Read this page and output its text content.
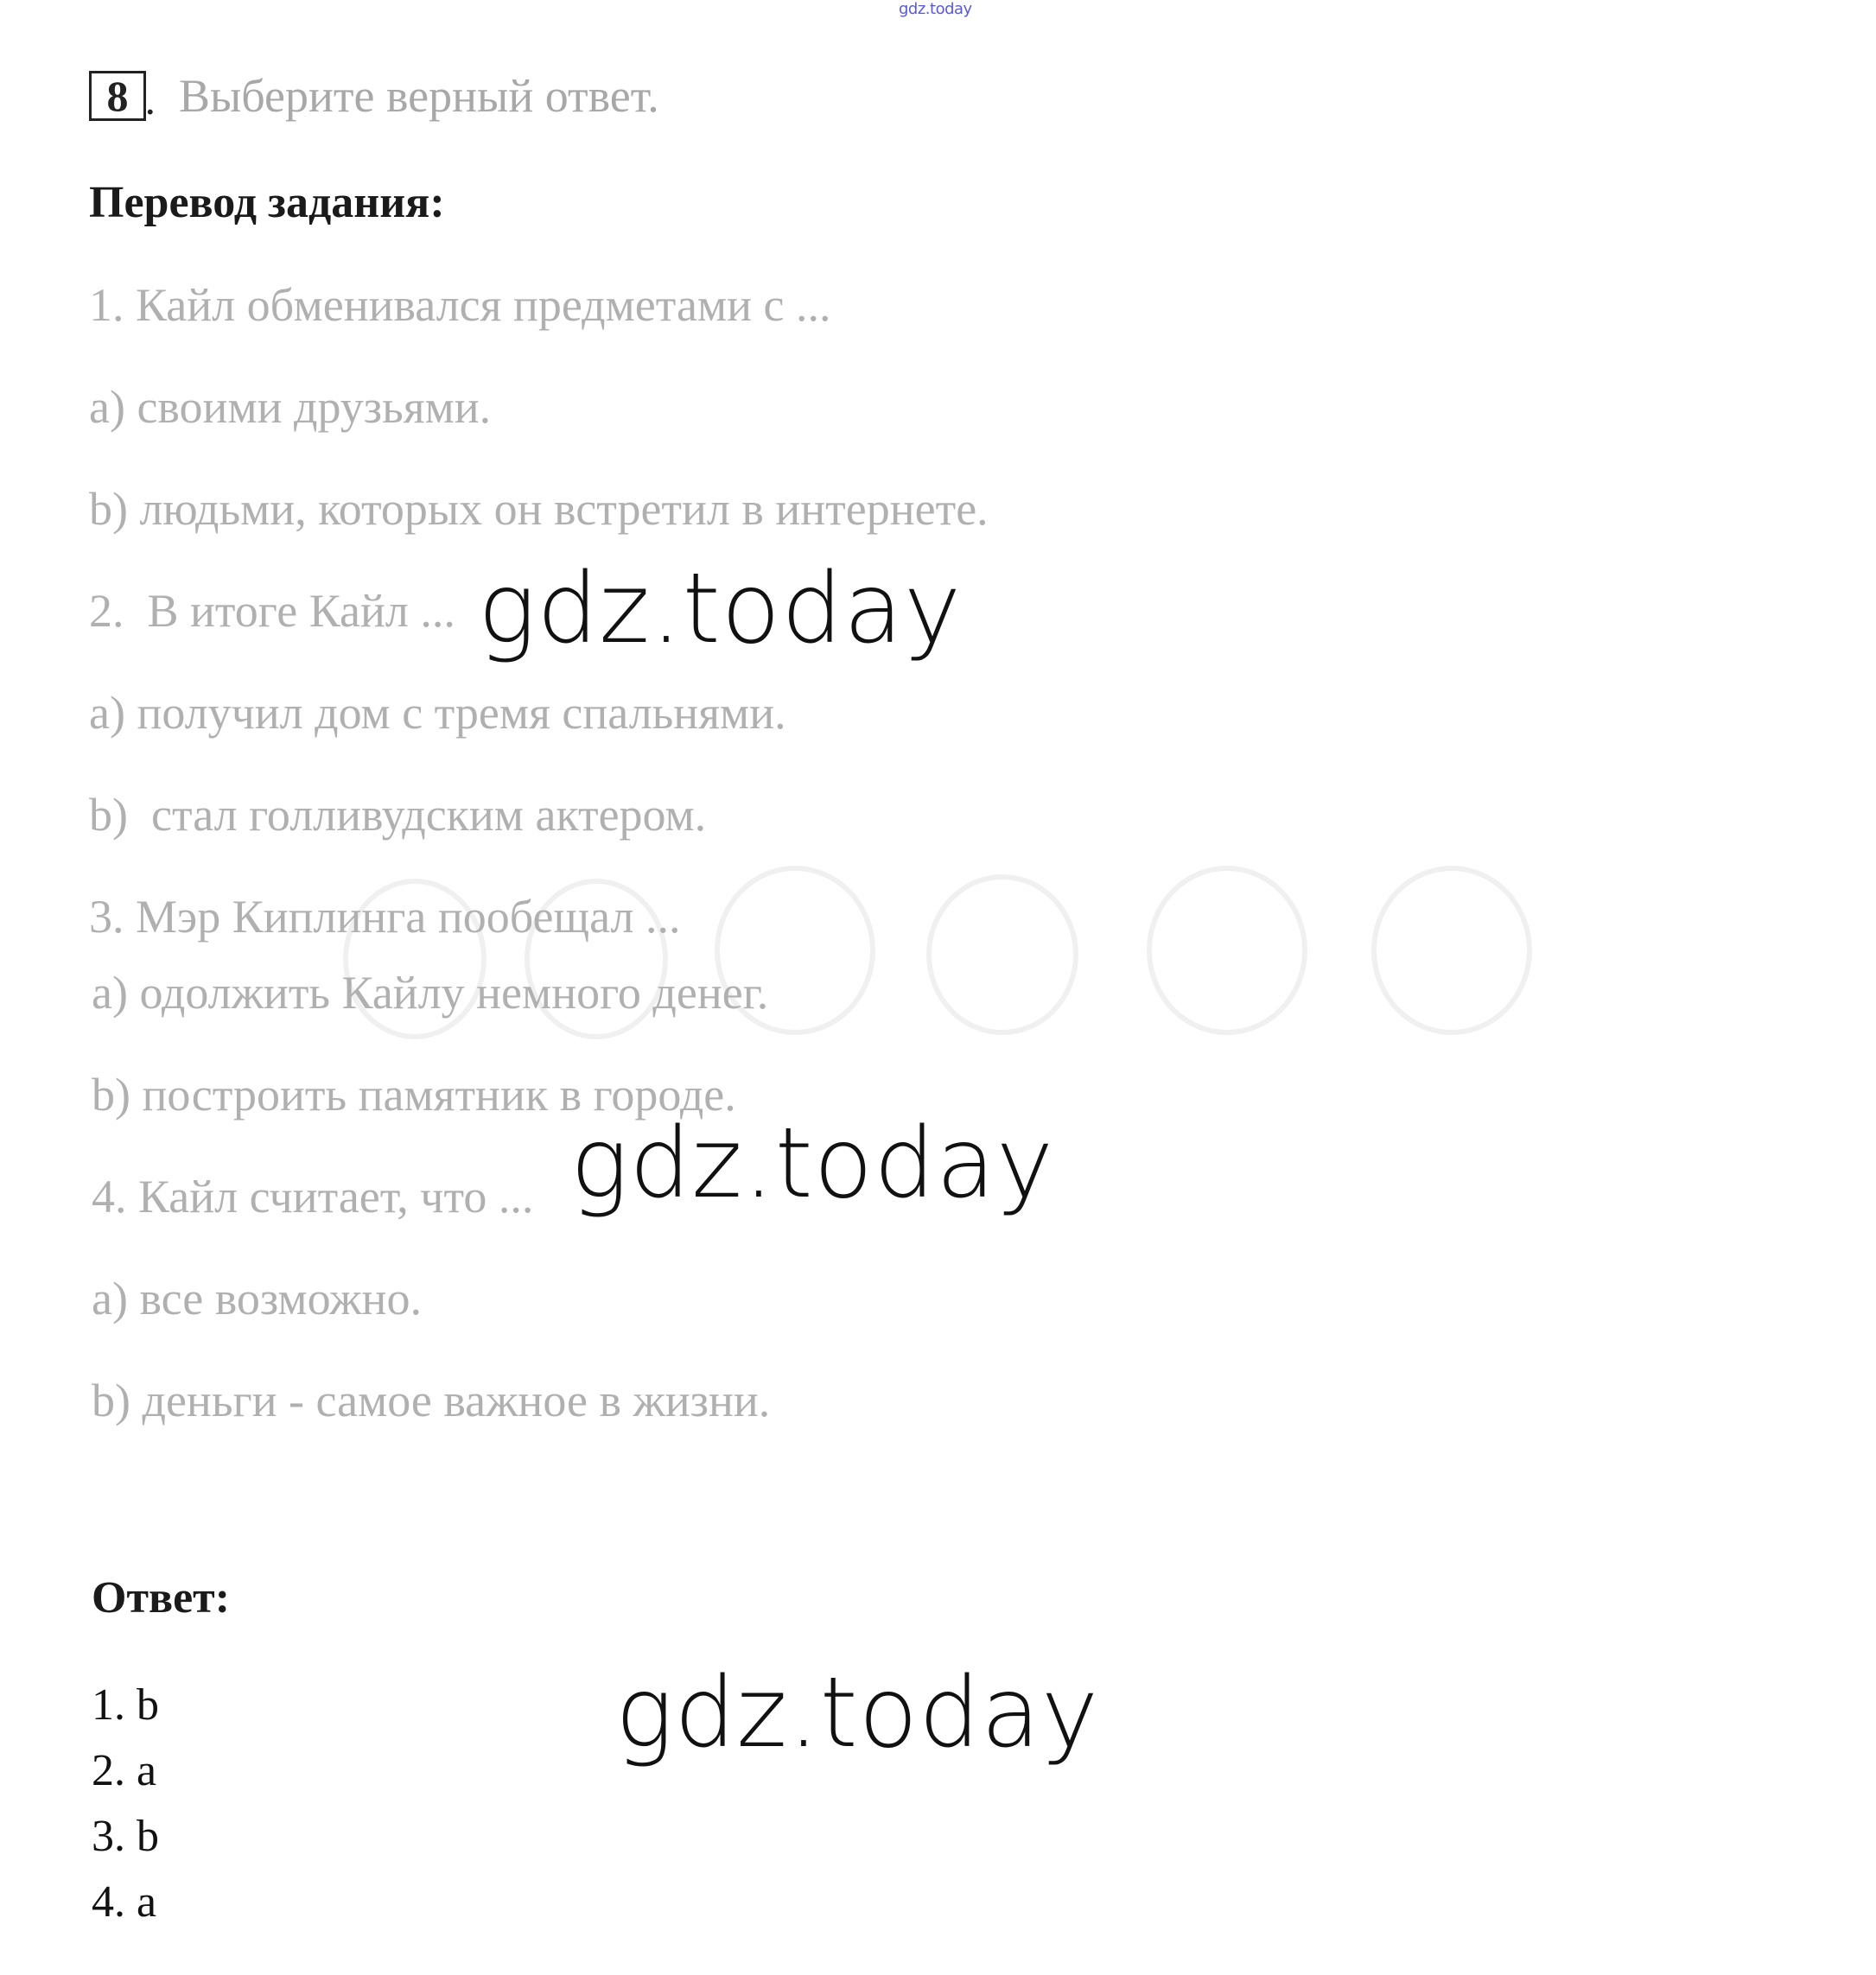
gdz.today
8 . Выберите верный ответ.
Перевод задания:
1. Кайл обменивался предметами с ...
a) своими друзьями.
b) людьми, которых он встретил в интернете.
2.  В итоге Кайл ...
a) получил дом с тремя спальнями.
b)  стал голливудским актером.
3. Мэр Киплинга пообещал ...
a) одолжить Кайлу немного денег.
b) построить памятник в городе.
4. Кайл считает, что ...
a) все возможно.
b) деньги - самое важное в жизни.
Ответ:
1. b
2. a
3. b
4. a
gdz.today
gdz.today
gdz.today
